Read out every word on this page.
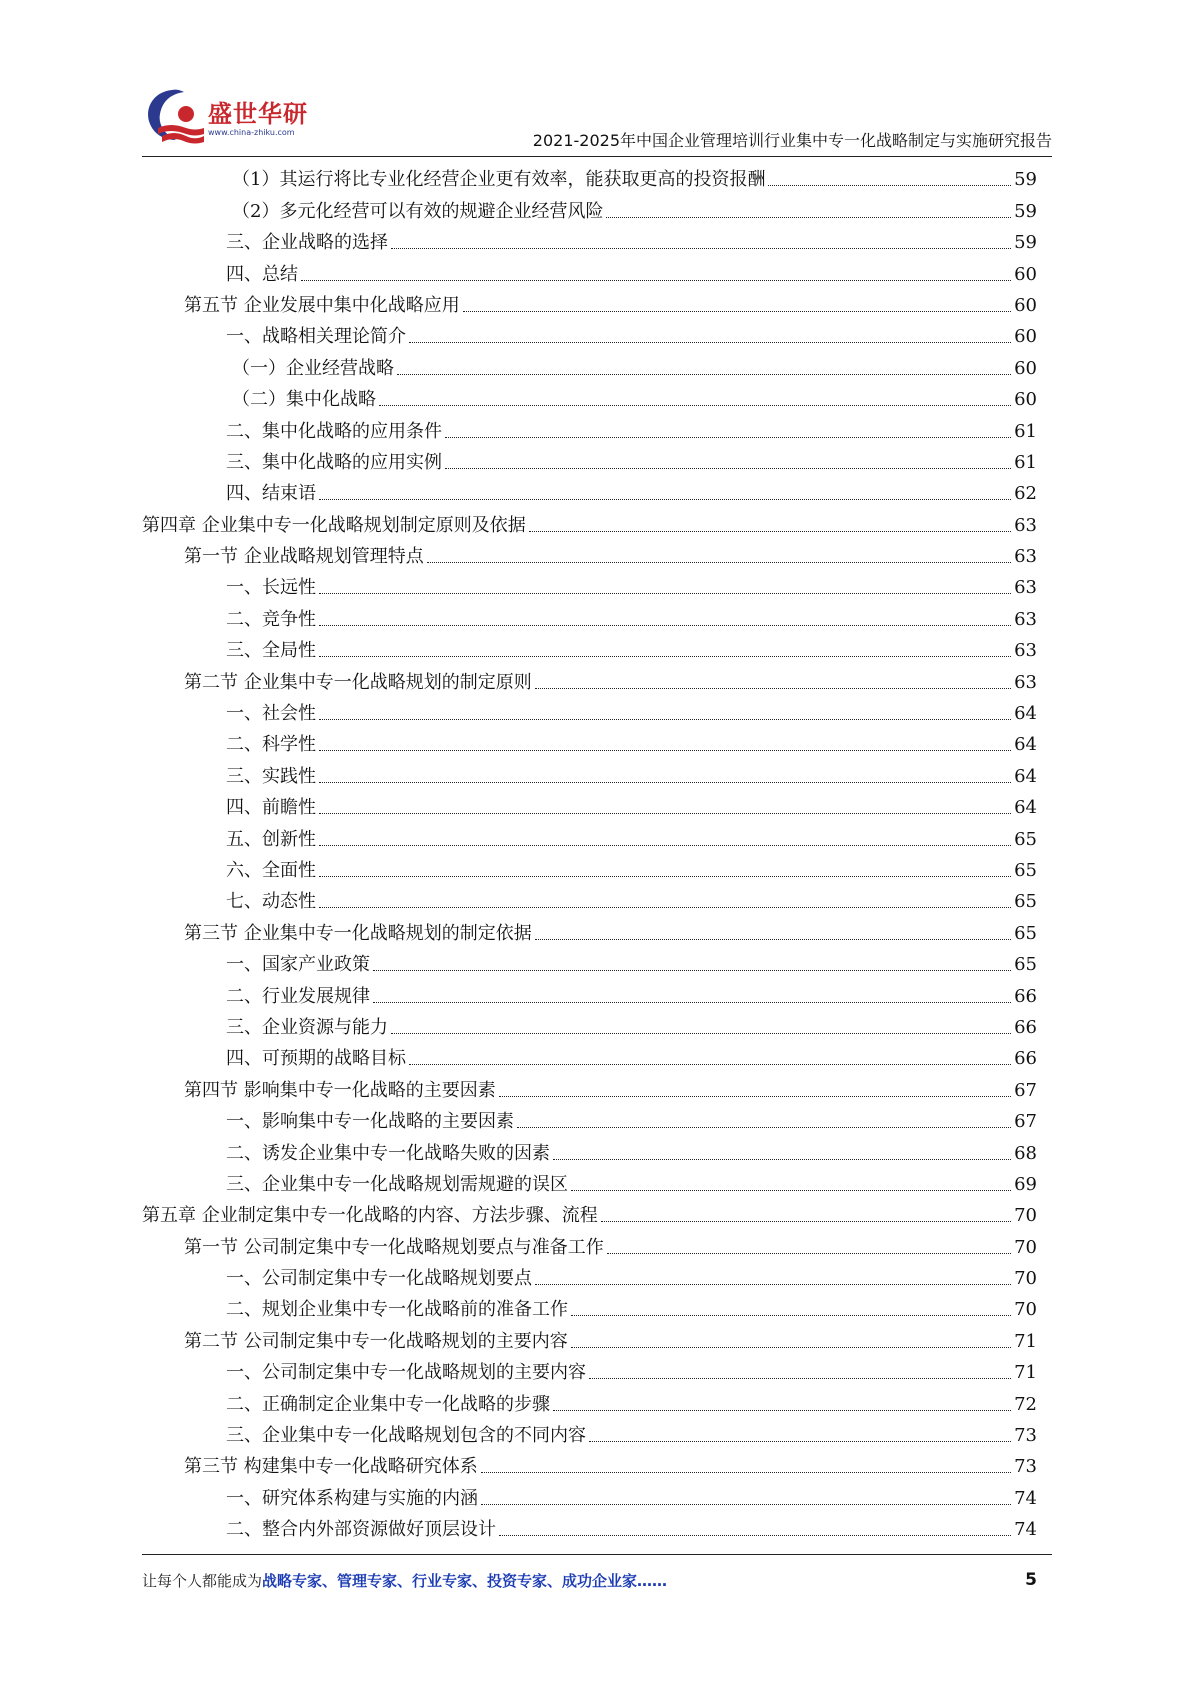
盛世华研
www.china-zhiku.com	2021-2025年中国企业管理培训行业集中专一化战略制定与实施研究报告
（1）其运行将比专业化经营企业更有效率，能获取更高的投资报酬	59
（2）多元化经营可以有效的规避企业经营风险	59
三、企业战略的选择	59
四、总结	60
第五节 企业发展中集中化战略应用	60
一、战略相关理论简介	60
（一）企业经营战略	60
（二）集中化战略	60
二、集中化战略的应用条件	61
三、集中化战略的应用实例	61
四、结束语	62
第四章 企业集中专一化战略规划制定原则及依据	63
第一节 企业战略规划管理特点	63
一、长远性	63
二、竞争性	63
三、全局性	63
第二节 企业集中专一化战略规划的制定原则	63
一、社会性	64
二、科学性	64
三、实践性	64
四、前瞻性	64
五、创新性	65
六、全面性	65
七、动态性	65
第三节 企业集中专一化战略规划的制定依据	65
一、国家产业政策	65
二、行业发展规律	66
三、企业资源与能力	66
四、可预期的战略目标	66
第四节 影响集中专一化战略的主要因素	67
一、影响集中专一化战略的主要因素	67
二、诱发企业集中专一化战略失败的因素	68
三、企业集中专一化战略规划需规避的误区	69
第五章 企业制定集中专一化战略的内容、方法步骤、流程	70
第一节 公司制定集中专一化战略规划要点与准备工作	70
一、公司制定集中专一化战略规划要点	70
二、规划企业集中专一化战略前的准备工作	70
第二节 公司制定集中专一化战略规划的主要内容	71
一、公司制定集中专一化战略规划的主要内容	71
二、正确制定企业集中专一化战略的步骤	72
三、企业集中专一化战略规划包含的不同内容	73
第三节 构建集中专一化战略研究体系	73
一、研究体系构建与实施的内涵	74
二、整合内外部资源做好顶层设计	74
让每个人都能成为战略专家、管理专家、行业专家、投资专家、成功企业家……	5
